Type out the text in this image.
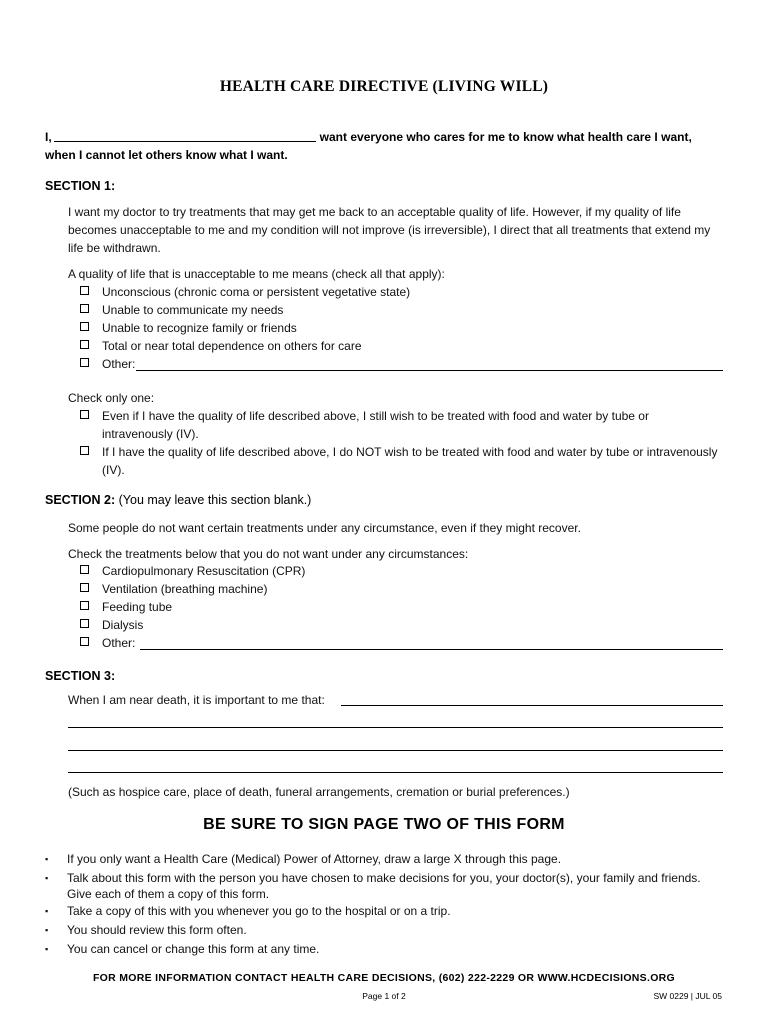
HEALTH CARE DIRECTIVE (LIVING WILL)
I,	want everyone who cares for me to know what health care I want,
when I cannot let others know what I want.
SECTION 1:
I want my doctor to try treatments that may get me back to an acceptable quality of life. However, if my quality of life becomes unacceptable to me and my condition will not improve (is irreversible), I direct that all treatments that extend my life be withdrawn.
A quality of life that is unacceptable to me means (check all that apply):
Unconscious (chronic coma or persistent vegetative state)
Unable to communicate my needs
Unable to recognize family or friends
Total or near total dependence on others for care
Other:
Check only one:
Even if I have the quality of life described above, I still wish to be treated with food and water by tube or intravenously (IV).
If I have the quality of life described above, I do NOT wish to be treated with food and water by tube or intravenously (IV).
SECTION 2: (You may leave this section blank.)
Some people do not want certain treatments under any circumstance, even if they might recover.
Check the treatments below that you do not want under any circumstances:
Cardiopulmonary Resuscitation (CPR)
Ventilation (breathing machine)
Feeding tube
Dialysis
Other:
SECTION 3:
When I am near death, it is important to me that:
(Such as hospice care, place of death, funeral arrangements, cremation or burial preferences.)
BE SURE TO SIGN PAGE TWO OF THIS FORM
▪ If you only want a Health Care (Medical) Power of Attorney, draw a large X through this page.
▪ Talk about this form with the person you have chosen to make decisions for you, your doctor(s), your family and friends. Give each of them a copy of this form.
▪ Take a copy of this with you whenever you go to the hospital or on a trip.
▪ You should review this form often.
▪ You can cancel or change this form at any time.
FOR MORE INFORMATION CONTACT HEALTH CARE DECISIONS, (602) 222-2229 OR WWW.HCDECISIONS.ORG
Page 1 of 2	SW 0229 | JUL 05
